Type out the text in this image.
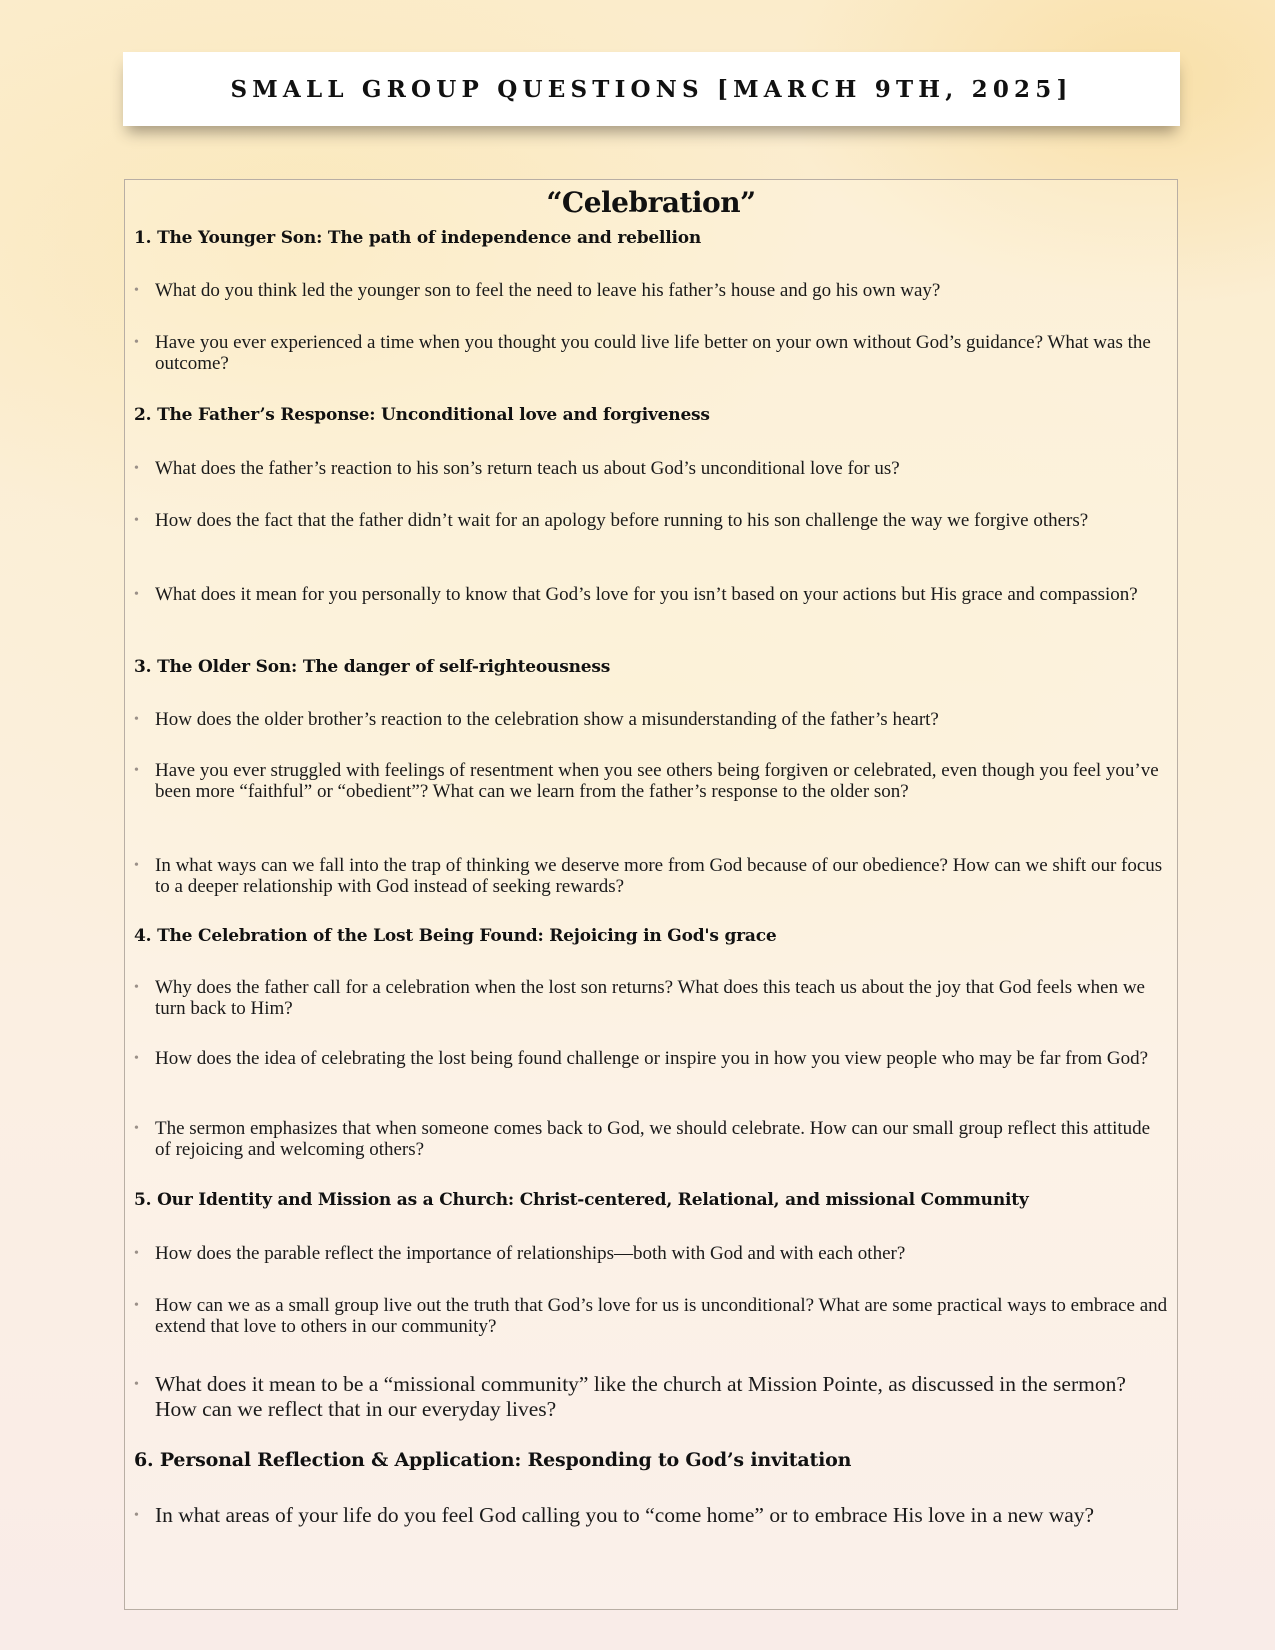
SMALL GROUP QUESTIONS [MARCH 9TH, 2025]
“Celebration”
1. The Younger Son: The path of independence and rebellion
• What do you think led the younger son to feel the need to leave his father’s house and go his own way?
• Have you ever experienced a time when you thought you could live life better on your own without God’s guidance? What was the outcome?
2. The Father’s Response: Unconditional love and forgiveness
• What does the father’s reaction to his son’s return teach us about God’s unconditional love for us?
• How does the fact that the father didn’t wait for an apology before running to his son challenge the way we forgive others?
• What does it mean for you personally to know that God’s love for you isn’t based on your actions but His grace and compassion?
3. The Older Son: The danger of self-righteousness
• How does the older brother’s reaction to the celebration show a misunderstanding of the father’s heart?
• Have you ever struggled with feelings of resentment when you see others being forgiven or celebrated, even though you feel you’ve been more “faithful” or “obedient”? What can we learn from the father’s response to the older son?
• In what ways can we fall into the trap of thinking we deserve more from God because of our obedience? How can we shift our focus to a deeper relationship with God instead of seeking rewards?
4. The Celebration of the Lost Being Found: Rejoicing in God's grace
• Why does the father call for a celebration when the lost son returns? What does this teach us about the joy that God feels when we turn back to Him?
• How does the idea of celebrating the lost being found challenge or inspire you in how you view people who may be far from God?
• The sermon emphasizes that when someone comes back to God, we should celebrate. How can our small group reflect this attitude of rejoicing and welcoming others?
5. Our Identity and Mission as a Church: Christ-centered, Relational, and missional Community
• How does the parable reflect the importance of relationships—both with God and with each other?
• How can we as a small group live out the truth that God’s love for us is unconditional? What are some practical ways to embrace and extend that love to others in our community?
• What does it mean to be a “missional community” like the church at Mission Pointe, as discussed in the sermon? How can we reflect that in our everyday lives?
6. Personal Reflection & Application: Responding to God’s invitation
• In what areas of your life do you feel God calling you to “come home” or to embrace His love in a new way?
